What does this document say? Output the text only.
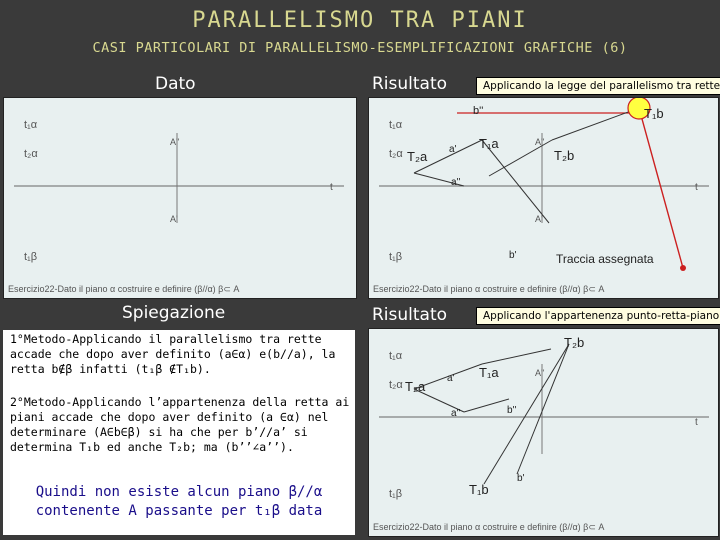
PARALLELISMO TRA PIANI
CASI PARTICOLARI DI PARALLELISMO-ESEMPLIFICAZIONI GRAFICHE (6)
Dato	Risultato
Spiegazione	Risultato
Applicando la legge del parallelismo tra rette
Applicando l'appartenenza punto-retta-piano
t₁α
t₂α
t₁β
t
A''
A'
Esercizio22-Dato il piano α costruire e definire (β//α) β⊂ A
t₁α
t₂α
t₁β
t
A''
A'
b''	T₁b
T₂a a' T₁a
T₂b
a''
b'	Traccia assegnata
Esercizio22-Dato il piano α costruire e definire (β//α) β⊂ A

1°Metodo-Applicando il parallelismo tra rette accade che dopo aver definito (a∈α) e(b//a), la retta b∉β infatti (t₁β ∉T₁b).

2°Metodo-Applicando l’appartenenza della retta ai piani accade che dopo aver definito (a ∈α) nel determinare (A∈b∈β) si ha che per b’//a’ si determina T₁b ed anche T₂b; ma (b’’∠a’’).

Quindi non esiste alcun piano β//α contenente A passante per t₁β data

t₁α
t₂α
t₁β
t
A''
T₂b
T₂a
a' T₁a
a''	b''
b'
T₁b
Esercizio22-Dato il piano α costruire e definire (β//α) β⊂ A
